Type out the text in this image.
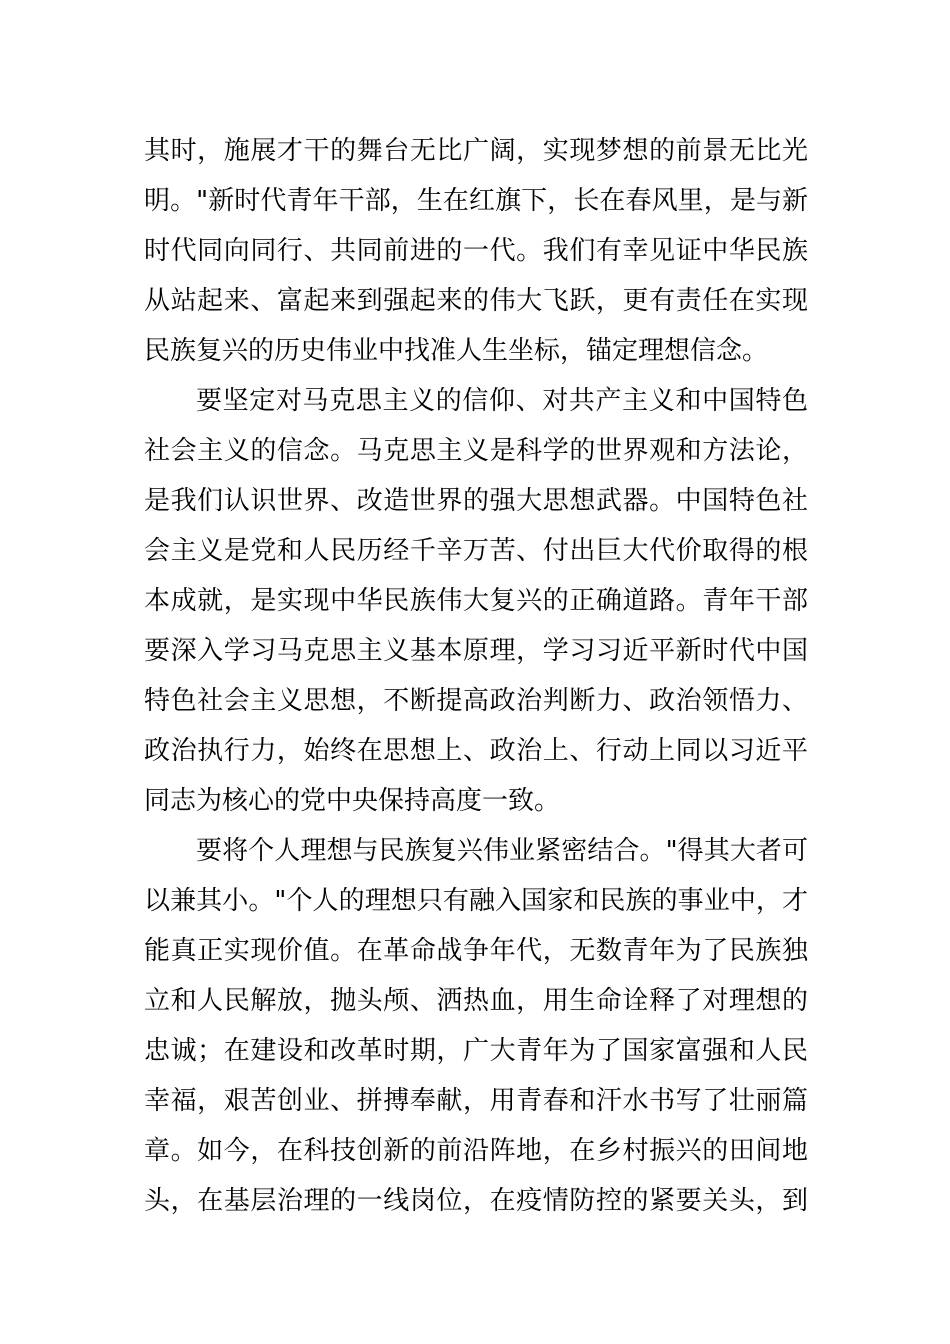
其时，施展才干的舞台无比广阔，实现梦想的前景无比光
明。"新时代青年干部，生在红旗下，长在春风里，是与新
时代同向同行、共同前进的一代。我们有幸见证中华民族
从站起来、富起来到强起来的伟大飞跃，更有责任在实现
民族复兴的历史伟业中找准人生坐标，锚定理想信念。
要坚定对马克思主义的信仰、对共产主义和中国特色
社会主义的信念。马克思主义是科学的世界观和方法论，
是我们认识世界、改造世界的强大思想武器。中国特色社
会主义是党和人民历经千辛万苦、付出巨大代价取得的根
本成就，是实现中华民族伟大复兴的正确道路。青年干部
要深入学习马克思主义基本原理，学习习近平新时代中国
特色社会主义思想，不断提高政治判断力、政治领悟力、
政治执行力，始终在思想上、政治上、行动上同以习近平
同志为核心的党中央保持高度一致。
要将个人理想与民族复兴伟业紧密结合。"得其大者可
以兼其小。"个人的理想只有融入国家和民族的事业中，才
能真正实现价值。在革命战争年代，无数青年为了民族独
立和人民解放，抛头颅、洒热血，用生命诠释了对理想的
忠诚；在建设和改革时期，广大青年为了国家富强和人民
幸福，艰苦创业、拼搏奉献，用青春和汗水书写了壮丽篇
章。如今，在科技创新的前沿阵地，在乡村振兴的田间地
头，在基层治理的一线岗位，在疫情防控的紧要关头，到
